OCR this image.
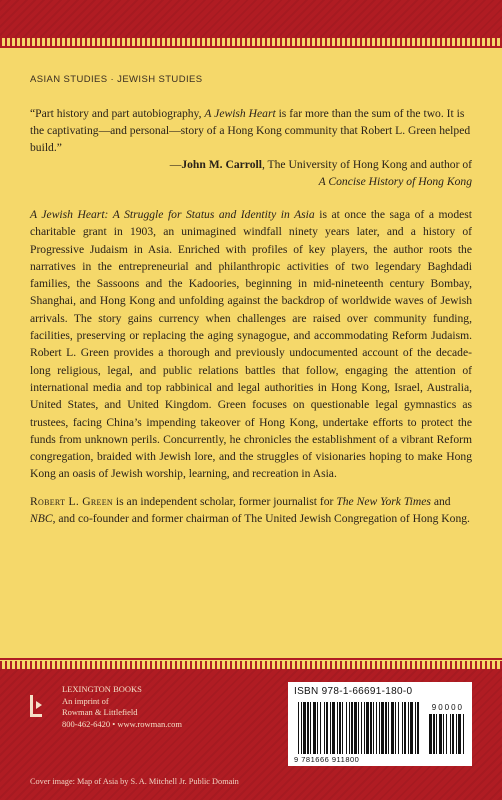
ASIAN STUDIES · JEWISH STUDIES
“Part history and part autobiography, A Jewish Heart is far more than the sum of the two. It is the captivating—and personal—story of a Hong Kong community that Robert L. Green helped build.”
—John M. Carroll, The University of Hong Kong and author of
A Concise History of Hong Kong
A Jewish Heart: A Struggle for Status and Identity in Asia is at once the saga of a modest charitable grant in 1903, an unimagined windfall ninety years later, and a history of Progressive Judaism in Asia. Enriched with profiles of key players, the author roots the narratives in the entrepreneurial and philanthropic activities of two legendary Baghdadi families, the Sassoons and the Kadoories, beginning in mid-nineteenth century Bombay, Shanghai, and Hong Kong and unfolding against the backdrop of worldwide waves of Jewish arrivals. The story gains currency when challenges are raised over community funding, facilities, preserving or replacing the aging synagogue, and accommodating Reform Judaism. Robert L. Green provides a thorough and previously undocumented account of the decade-long religious, legal, and public relations battles that follow, engaging the attention of international media and top rabbinical and legal authorities in Hong Kong, Israel, Australia, United States, and United Kingdom. Green focuses on questionable legal gymnastics as trustees, facing China’s impending takeover of Hong Kong, undertake efforts to protect the funds from unknown perils. Concurrently, he chronicles the establishment of a vibrant Reform congregation, braided with Jewish lore, and the struggles of visionaries hoping to make Hong Kong an oasis of Jewish worship, learning, and recreation in Asia.
Robert L. Green is an independent scholar, former journalist for The New York Times and NBC, and co-founder and former chairman of The United Jewish Congregation of Hong Kong.
LEXINGTON BOOKS
An imprint of
Rowman & Littlefield
800-462-6420 • www.rowman.com
ISBN 978-1-66691-180-0
90000
9 781666 911800
Cover image: Map of Asia by S. A. Mitchell Jr. Public Domain
